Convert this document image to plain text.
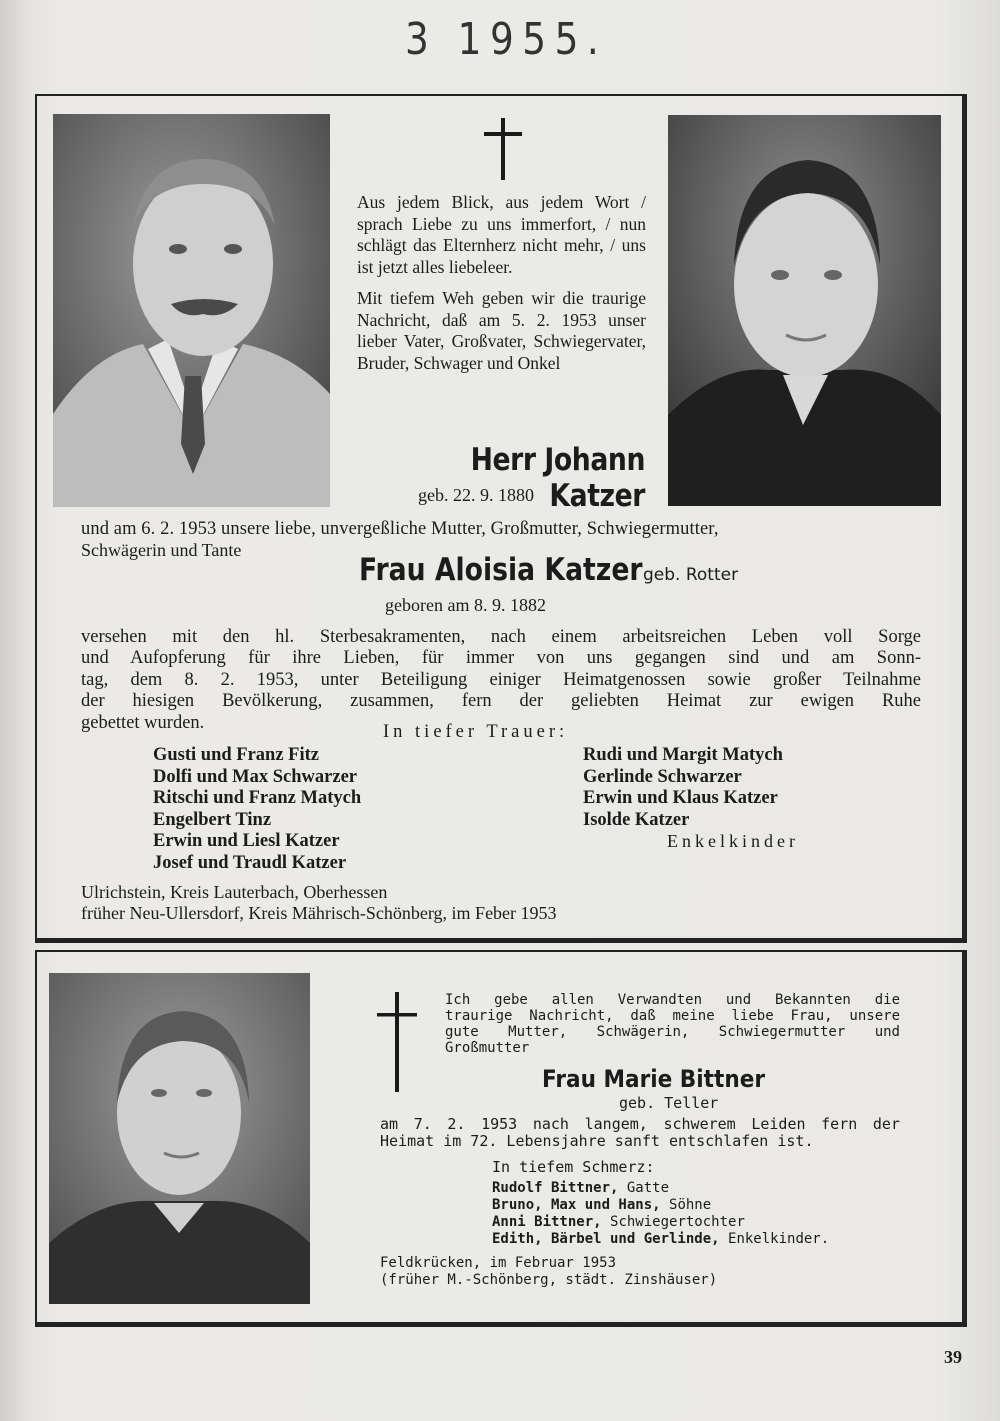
3 1955.

Aus jedem Blick, aus jedem Wort / sprach Liebe zu uns immerfort, / nun schlägt das Elternherz nicht mehr, / uns ist jetzt alles liebeleer.

Mit tiefem Weh geben wir die traurige Nachricht, daß am 5. 2. 1953 unser lieber Vater, Großvater, Schwiegervater, Bruder, Schwager und Onkel

Herr Johann Katzer
geb. 22. 9. 1880
und am 6. 2. 1953 unsere liebe, unvergeßliche Mutter, Großmutter, Schwiegermutter,
Schwägerin und Tante
Frau Aloisia Katzergeb. Rotter
geboren am 8. 9. 1882
versehen mit den hl. Sterbesakramenten, nach einem arbeitsreichen Leben voll Sorge
und Aufopferung für ihre Lieben, für immer von uns gegangen sind und am Sonn-
tag, dem 8. 2. 1953, unter Beteiligung einiger Heimatgenossen sowie großer Teilnahme
der hiesigen Bevölkerung, zusammen, fern der geliebten Heimat zur ewigen Ruhe
gebettet wurden.	In tiefer Trauer:
Gusti und Franz Fitz
Dolfi und Max Schwarzer
Ritschi und Franz Matych
Engelbert Tinz
Erwin und Liesl Katzer
Josef und Traudl Katzer
Rudi und Margit Matych
Gerlinde Schwarzer
Erwin und Klaus Katzer
Isolde Katzer
Enkelkinder
Ulrichstein, Kreis Lauterbach, Oberhessen
früher Neu-Ullersdorf, Kreis Mährisch-Schönberg, im Feber 1953
Ich gebe allen Verwandten und Bekannten die
traurige Nachricht, daß meine liebe Frau, unsere
gute Mutter, Schwägerin, Schwiegermutter und
Großmutter
Frau Marie Bittner
geb. Teller
am 7. 2. 1953 nach langem, schwerem Leiden fern der
Heimat im 72. Lebensjahre sanft entschlafen ist.
In tiefem Schmerz:
Rudolf Bittner, Gatte
Bruno, Max und Hans, Söhne
Anni Bittner, Schwiegertochter
Edith, Bärbel und Gerlinde, Enkelkinder.
Feldkrücken, im Februar 1953
(früher M.-Schönberg, städt. Zinshäuser)
39
